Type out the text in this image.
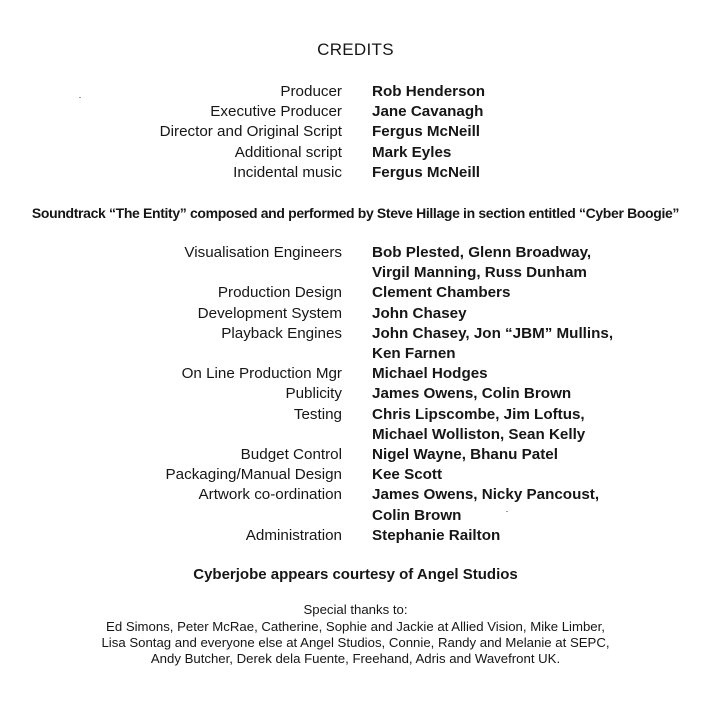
CREDITS
Producer Rob Henderson
Executive Producer Jane Cavanagh
Director and Original Script Fergus McNeill
Additional script Mark Eyles
Incidental music Fergus McNeill
Soundtrack “The Entity” composed and performed by Steve Hillage in section entitled “Cyber Boogie”
Visualisation Engineers Bob Plested, Glenn Broadway,
Virgil Manning, Russ Dunham
Production Design Clement Chambers
Development System John Chasey
Playback Engines John Chasey, Jon “JBM” Mullins,
Ken Farnen
On Line Production Mgr Michael Hodges
Publicity James Owens, Colin Brown
Testing Chris Lipscombe, Jim Loftus,
Michael Wolliston, Sean Kelly
Budget Control Nigel Wayne, Bhanu Patel
Packaging/Manual Design Kee Scott
Artwork co-ordination James Owens, Nicky Pancoust,
Colin Brown
Administration Stephanie Railton
Cyberjobe appears courtesy of Angel Studios
Special thanks to:
Ed Simons, Peter McRae, Catherine, Sophie and Jackie at Allied Vision, Mike Limber,
Lisa Sontag and everyone else at Angel Studios, Connie, Randy and Melanie at SEPC,
Andy Butcher, Derek dela Fuente, Freehand, Adris and Wavefront UK.
